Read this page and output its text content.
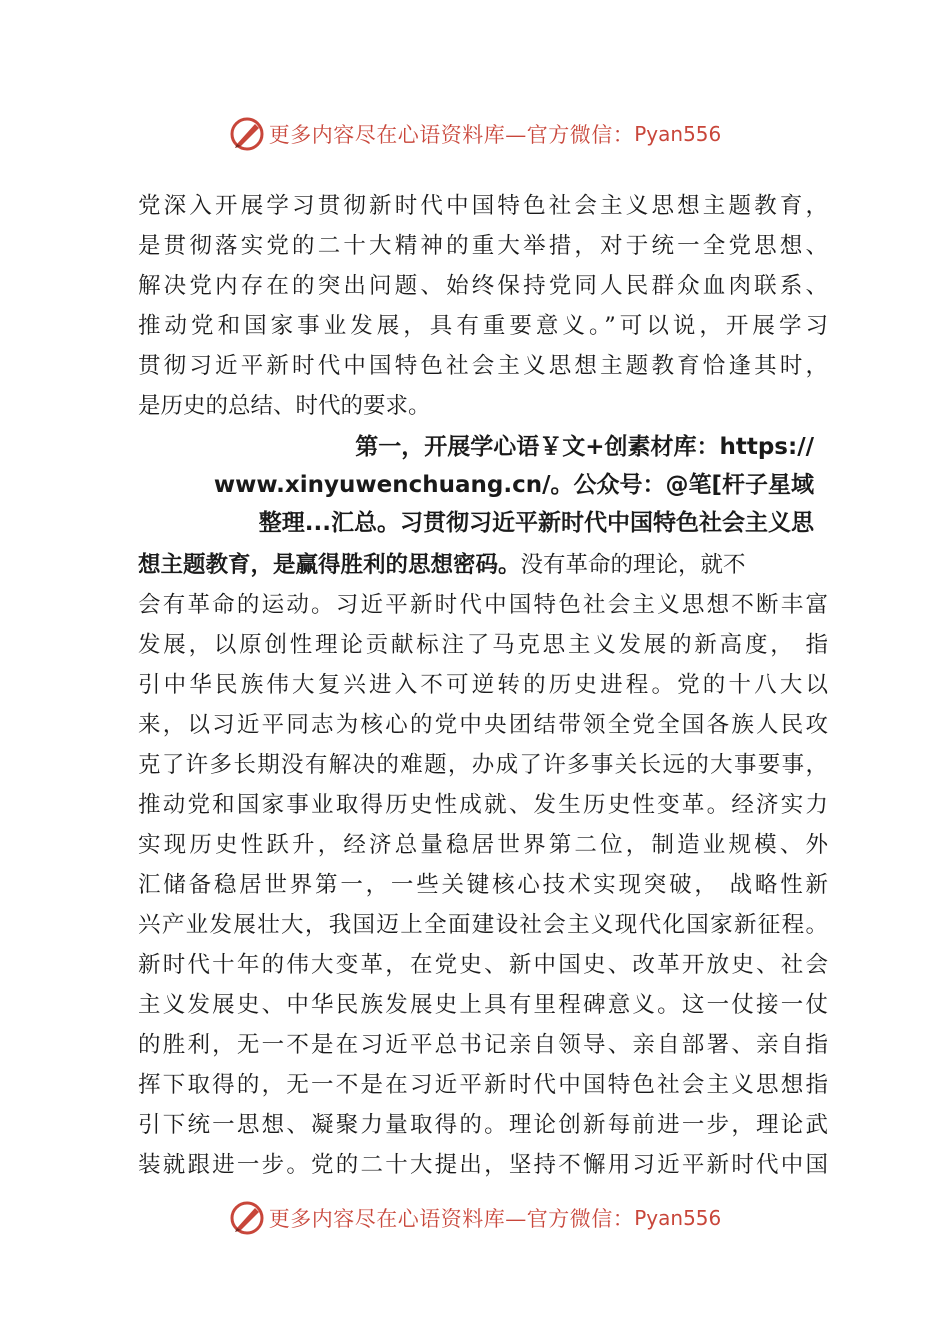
更多内容尽在心语资料库—官方微信： Pyan556
党深入开展学习贯彻新时代中国特色社会主义思想主题教育，
是贯彻落实党的二十大精神的重大举措，对于统一全党思想、
解决党内存在的突出问题、始终保持党同人民群众血肉联系、
推动党和国家事业发展，具有重要意义。”可以说，开展学习
贯彻习近平新时代中国特色社会主义思想主题教育恰逢其时，
是历史的总结、时代的要求。
第一，开展学心语￥文+创素材库：https://
www.xinyuwenchuang.cn/。公众号：@笔[杆子星域
整理...汇总。习贯彻习近平新时代中国特色社会主义思
想主题教育，是赢得胜利的思想密码。没有革命的理论，就不
会有革命的运动。习近平新时代中国特色社会主义思想不断丰富
发展，以原创性理论贡献标注了马克思主义发展的新高度， 指
引中华民族伟大复兴进入不可逆转的历史进程。党的十八大以
来，以习近平同志为核心的党中央团结带领全党全国各族人民攻
克了许多长期没有解决的难题，办成了许多事关长远的大事要事，
推动党和国家事业取得历史性成就、发生历史性变革。经济实力
实现历史性跃升，经济总量稳居世界第二位，制造业规模、外
汇储备稳居世界第一，一些关键核心技术实现突破， 战略性新
兴产业发展壮大，我国迈上全面建设社会主义现代化国家新征程。
新时代十年的伟大变革，在党史、新中国史、改革开放史、社会
主义发展史、中华民族发展史上具有里程碑意义。这一仗接一仗
的胜利，无一不是在习近平总书记亲自领导、亲自部署、亲自指
挥下取得的，无一不是在习近平新时代中国特色社会主义思想指
引下统一思想、凝聚力量取得的。理论创新每前进一步，理论武
装就跟进一步。党的二十大提出，坚持不懈用习近平新时代中国
更多内容尽在心语资料库—官方微信： Pyan556
